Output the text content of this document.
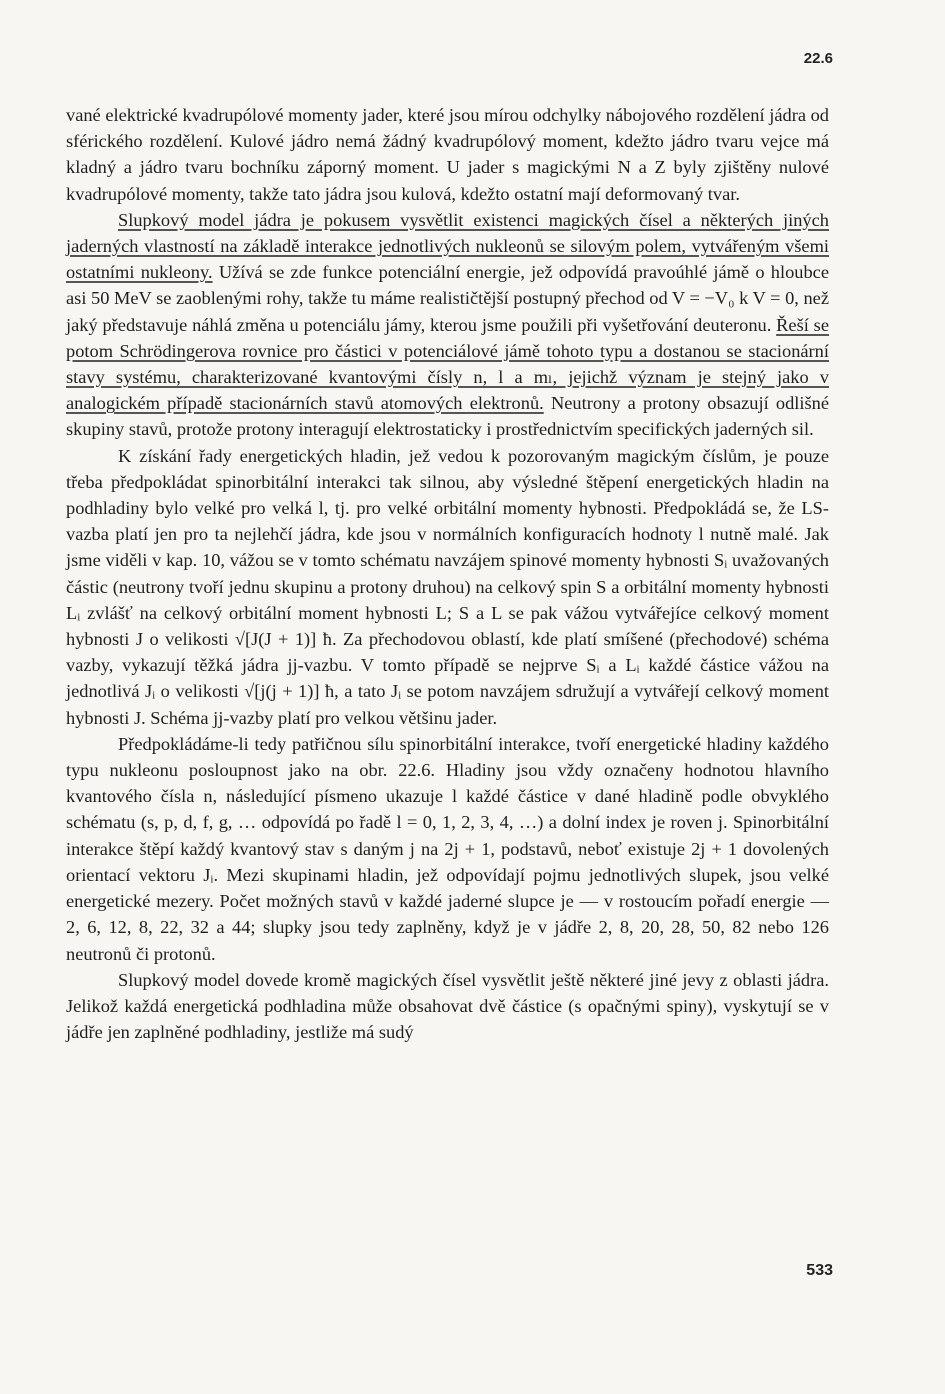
22.6

vané elektrické kvadrupólové momenty jader, které jsou mírou odchylky nábojového rozdělení jádra od sférického rozdělení. Kulové jádro nemá žádný kvadrupólový moment, kdežto jádro tvaru vejce má kladný a jádro tvaru bochníku záporný moment. U jader s magickými N a Z byly zjištěny nulové kvadrupólové momenty, takže tato jádra jsou kulová, kdežto ostatní mají deformovaný tvar.

Slupkový model jádra je pokusem vysvětlit existenci magických čísel a některých jiných jaderných vlastností na základě interakce jednotlivých nukleonů se silovým polem, vytvářeným všemi ostatními nukleony. Užívá se zde funkce potenciální energie, jež odpovídá pravoúhlé jámě o hloubce asi 50 MeV se zaoblenými rohy, takže tu máme realističtější postupný přechod od V = −V₀ k V = 0, než jaký představuje náhlá změna u potenciálu jámy, kterou jsme použili při vyšetřování deuteronu. Řeší se potom Schrödingerova rovnice pro částici v potenciálové jámě tohoto typu a dostanou se stacionární stavy systému, charakterizované kvantovými čísly n, l a mₗ, jejichž význam je stejný jako v analogickém případě stacionárních stavů atomových elektronů. Neutrony a protony obsazují odlišné skupiny stavů, protože protony interagují elektrostaticky i prostřednictvím specifických jaderných sil.

K získání řady energetických hladin, jež vedou k pozorovaným magickým číslům, je pouze třeba předpokládat spinorbitální interakci tak silnou, aby výsledné štěpení energetických hladin na podhladiny bylo velké pro velká l, tj. pro velké orbitální momenty hybnosti. Předpokládá se, že LS-vazba platí jen pro ta nejlehčí jádra, kde jsou v normálních konfiguracích hodnoty l nutně malé. Jak jsme viděli v kap. 10, vážou se v tomto schématu navzájem spinové momenty hybnosti Sᵢ uvažovaných částic (neutrony tvoří jednu skupinu a protony druhou) na celkový spin S a orbitální momenty hybnosti Lᵢ zvlášť na celkový orbitální moment hybnosti L; S a L se pak vážou vytvářejíce celkový moment hybnosti J o velikosti √[J(J + 1)] ħ. Za přechodovou oblastí, kde platí smíšené (přechodové) schéma vazby, vykazují těžká jádra jj-vazbu. V tomto případě se nejprve Sᵢ a Lᵢ každé částice vážou na jednotlivá Jᵢ o velikosti √[j(j + 1)] ħ, a tato Jᵢ se potom navzájem sdružují a vytvářejí celkový moment hybnosti J. Schéma jj-vazby platí pro velkou většinu jader.

Předpokládáme-li tedy patřičnou sílu spinorbitální interakce, tvoří energetické hladiny každého typu nukleonu posloupnost jako na obr. 22.6. Hladiny jsou vždy označeny hodnotou hlavního kvantového čísla n, následující písmeno ukazuje l každé částice v dané hladině podle obvyklého schématu (s, p, d, f, g, … odpovídá po řadě l = 0, 1, 2, 3, 4, …) a dolní index je roven j. Spinorbitální interakce štěpí každý kvantový stav s daným j na 2j + 1, podstavů, neboť existuje 2j + 1 dovolených orientací vektoru Jᵢ. Mezi skupinami hladin, jež odpovídají pojmu jednotlivých slupek, jsou velké energetické mezery. Počet možných stavů v každé jaderné slupce je — v rostoucím pořadí energie — 2, 6, 12, 8, 22, 32 a 44; slupky jsou tedy zaplněny, když je v jádře 2, 8, 20, 28, 50, 82 nebo 126 neutronů či protonů.

Slupkový model dovede kromě magických čísel vysvětlit ještě některé jiné jevy z oblasti jádra. Jelikož každá energetická podhladina může obsahovat dvě částice (s opačnými spiny), vyskytují se v jádře jen zaplněné podhladiny, jestliže má sudý

533
